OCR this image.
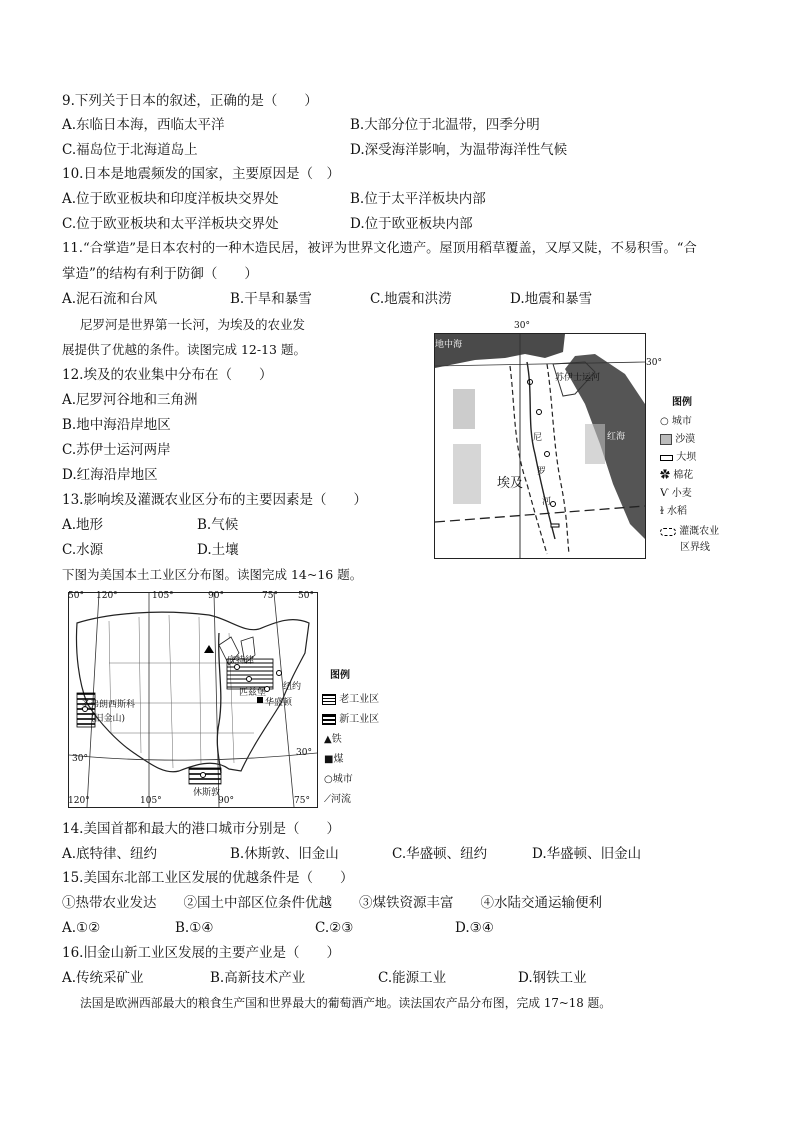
9.下列关于日本的叙述，正确的是（　　）
A.东临日本海，西临太平洋	B.大部分位于北温带，四季分明
C.福岛位于北海道岛上	D.深受海洋影响，为温带海洋性气候
10.日本是地震频发的国家，主要原因是（　）
A.位于欧亚板块和印度洋板块交界处	B.位于太平洋板块内部
C.位于欧亚板块和太平洋板块交界处	D.位于欧亚板块内部
11.“合掌造”是日本农村的一种木造民居，被评为世界文化遗产。屋顶用稻草覆盖，又厚又陡，不易积雪。“合
掌造”的结构有利于防御（　　）
A.泥石流和台风	B.干旱和暴雪	C.地震和洪涝	D.地震和暴雪
尼罗河是世界第一长河，为埃及的农业发
展提供了优越的条件。读图完成 12-13 题。
12.埃及的农业集中分布在（　　）
A.尼罗河谷地和三角洲
B.地中海沿岸地区
C.苏伊士运河两岸
D.红海沿岸地区
13.影响埃及灌溉农业区分布的主要因素是（　　）
A.地形	B.气候
C.水源	D.土壤
地中海
苏伊士运河
埃及
尼
罗
河
红海
30°
30°
图例
○ 城市
沙漠
大坝
✿ 棉花
Ѵ 小麦
ɫ 水稻
灌溉农业
区界线
下图为美国本土工业区分布图。读图完成 14~16 题。
圣弗朗西斯科
(旧金山)
休斯敦
纽约
华盛顿
匹兹堡
底特律
50° 120°	105°	90°	75° 50°
30°
30°
120°	105°	90°	75°
图例
老工业区
新工业区
▲铁
■煤
○城市
⟋河流
14.美国首都和最大的港口城市分别是（　　）
A.底特律、纽约	B.休斯敦、旧金山	C.华盛顿、纽约	D.华盛顿、旧金山
15.美国东北部工业区发展的优越条件是（　　）
①热带农业发达　　②国土中部区位条件优越　　③煤铁资源丰富　　④水陆交通运输便利
A.①②	B.①④	C.②③	D.③④
16.旧金山新工业区发展的主要产业是（　　）
A.传统采矿业	B.高新技术产业	C.能源工业	D.钢铁工业
法国是欧洲西部最大的粮食生产国和世界最大的葡萄酒产地。读法国农产品分布图，完成 17~18 题。
